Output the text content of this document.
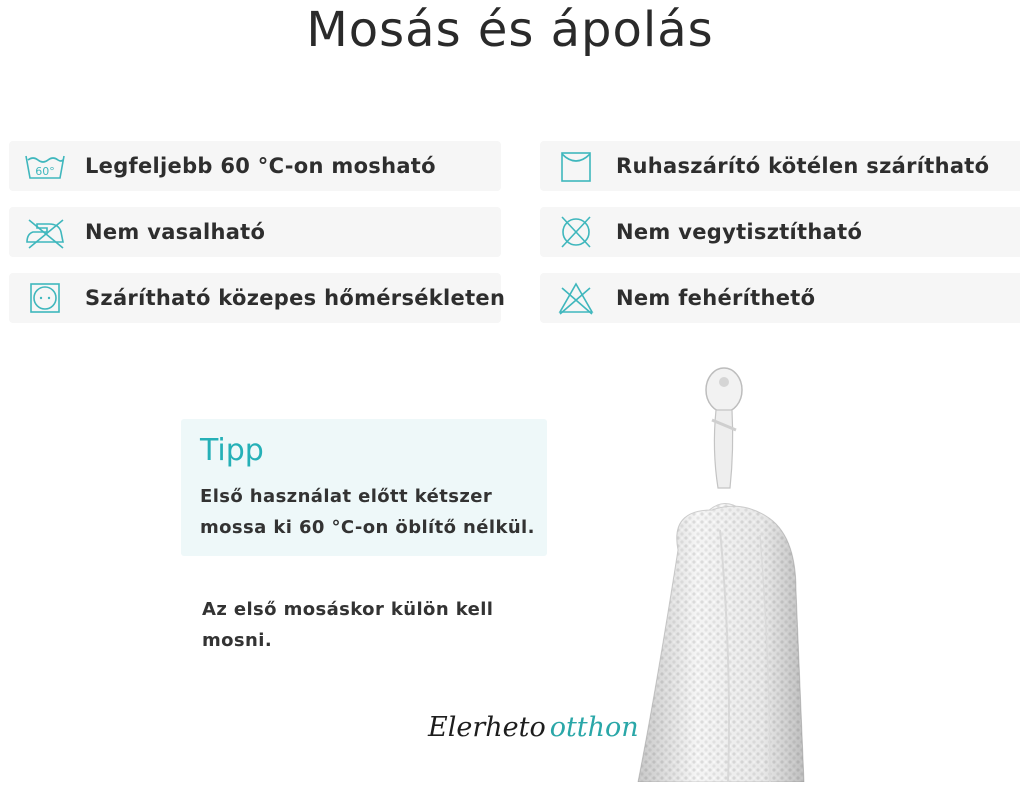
Mosás és ápolás
60° Legfeljebb 60 °C-on mosható	Ruhaszárító kötélen szárítható
Nem vasalható	Nem vegytisztítható
Szárítható közepes hőmérsékleten	Nem fehéríthető
Tipp
Első használat előtt kétszer mossa ki 60 °C-on öblítő nélkül.
Az első mosáskor külön kell mosni.
Elerheto otthon
